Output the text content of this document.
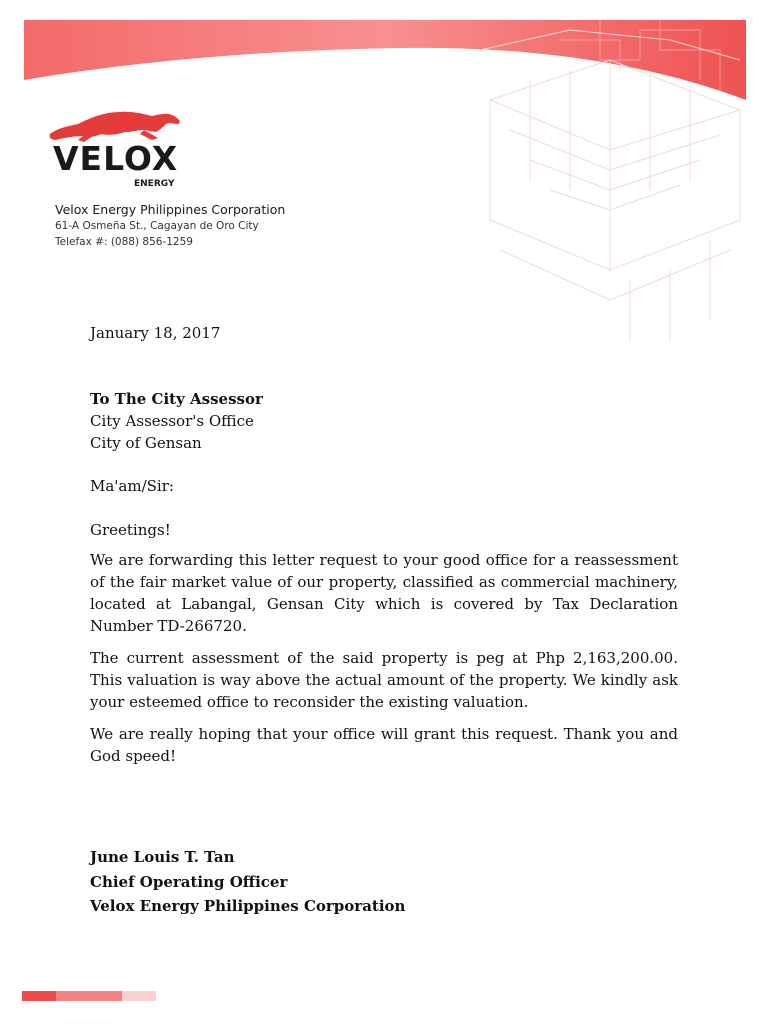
VELOX
ENERGY
Velox Energy Philippines Corporation
61-A Osmeña St., Cagayan de Oro City
Telefax #: (088) 856-1259

January 18, 2017

To The City Assessor

City Assessor's Office

City of Gensan

Ma'am/Sir:

Greetings!

We are forwarding this letter request to your good office for a reassessment of the fair market value of our property, classified as commercial machinery, located at Labangal, Gensan City which is covered by Tax Declaration Number TD-266720.

The current assessment of the said property is peg at Php 2,163,200.00. This valuation is way above the actual amount of the property. We kindly ask your esteemed office to reconsider the existing valuation.

We are really hoping that your office will grant this request. Thank you and God speed!

June Louis T. Tan

Chief Operating Officer

Velox Energy Philippines Corporation
